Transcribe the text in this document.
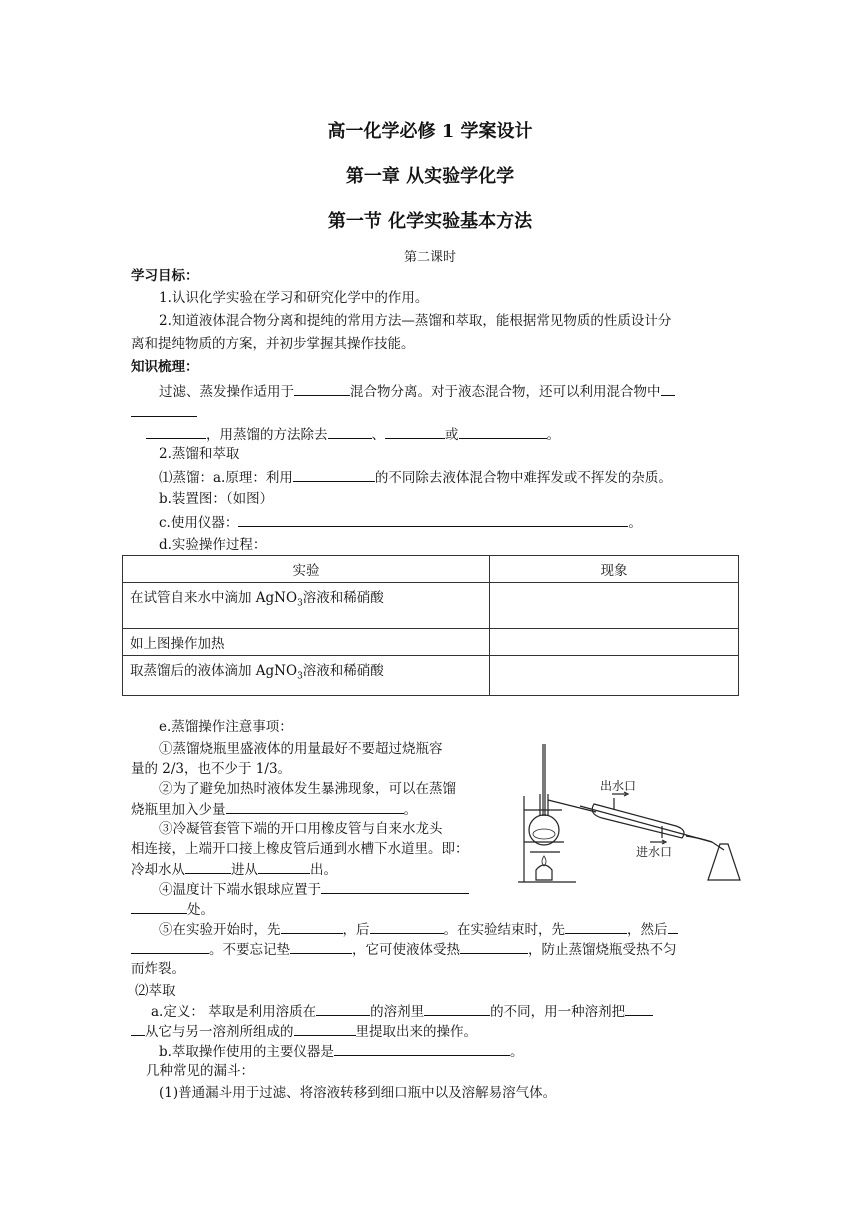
高一化学必修 1 学案设计
第一章 从实验学化学
第一节 化学实验基本方法
第二课时
学习目标：
1.认识化学实验在学习和研究化学中的作用。
2.知道液体混合物分离和提纯的常用方法—蒸馏和萃取，能根据常见物质的性质设计分
离和提纯物质的方案，并初步掌握其操作技能。
知识梳理：
过滤、蒸发操作适用于	混合物分离。对于液态混合物，还可以利用混合物中
，用蒸馏的方法除去	、	或	。
2.蒸馏和萃取
⑴蒸馏：a.原理：利用	的不同除去液体混合物中难挥发或不挥发的杂质。
b.装置图：（如图）
c.使用仪器：	。
d.实验操作过程：
实验	现象
在试管自来水中滴加 AgNO$_3$溶液和稀硝酸	
如上图操作加热	
取蒸馏后的液体滴加 AgNO$_3$溶液和稀硝酸	
e.蒸馏操作注意事项：
①蒸馏烧瓶里盛液体的用量最好不要超过烧瓶容
量的 2/3，也不少于 1/3。
②为了避免加热时液体发生暴沸现象，可以在蒸馏
烧瓶里加入少量	。
③冷凝管套管下端的开口用橡皮管与自来水龙头
相连接，上端开口接上橡皮管后通到水槽下水道里。即：
冷却水从	进从	出。
④温度计下端水银球应置于
处。
⑤在实验开始时，先	，后	。在实验结束时，先	，然后
。不要忘记垫	，它可使液体受热	，防止蒸馏烧瓶受热不匀
而炸裂。
出水口
进水口
⑵萃取
a.定义： 萃取是利用溶质在	的溶剂里	的不同，用一种溶剂把
从它与另一溶剂所组成的	里提取出来的操作。
b.萃取操作使用的主要仪器是	。
几种常见的漏斗：
(1)普通漏斗用于过滤、将溶液转移到细口瓶中以及溶解易溶气体。
